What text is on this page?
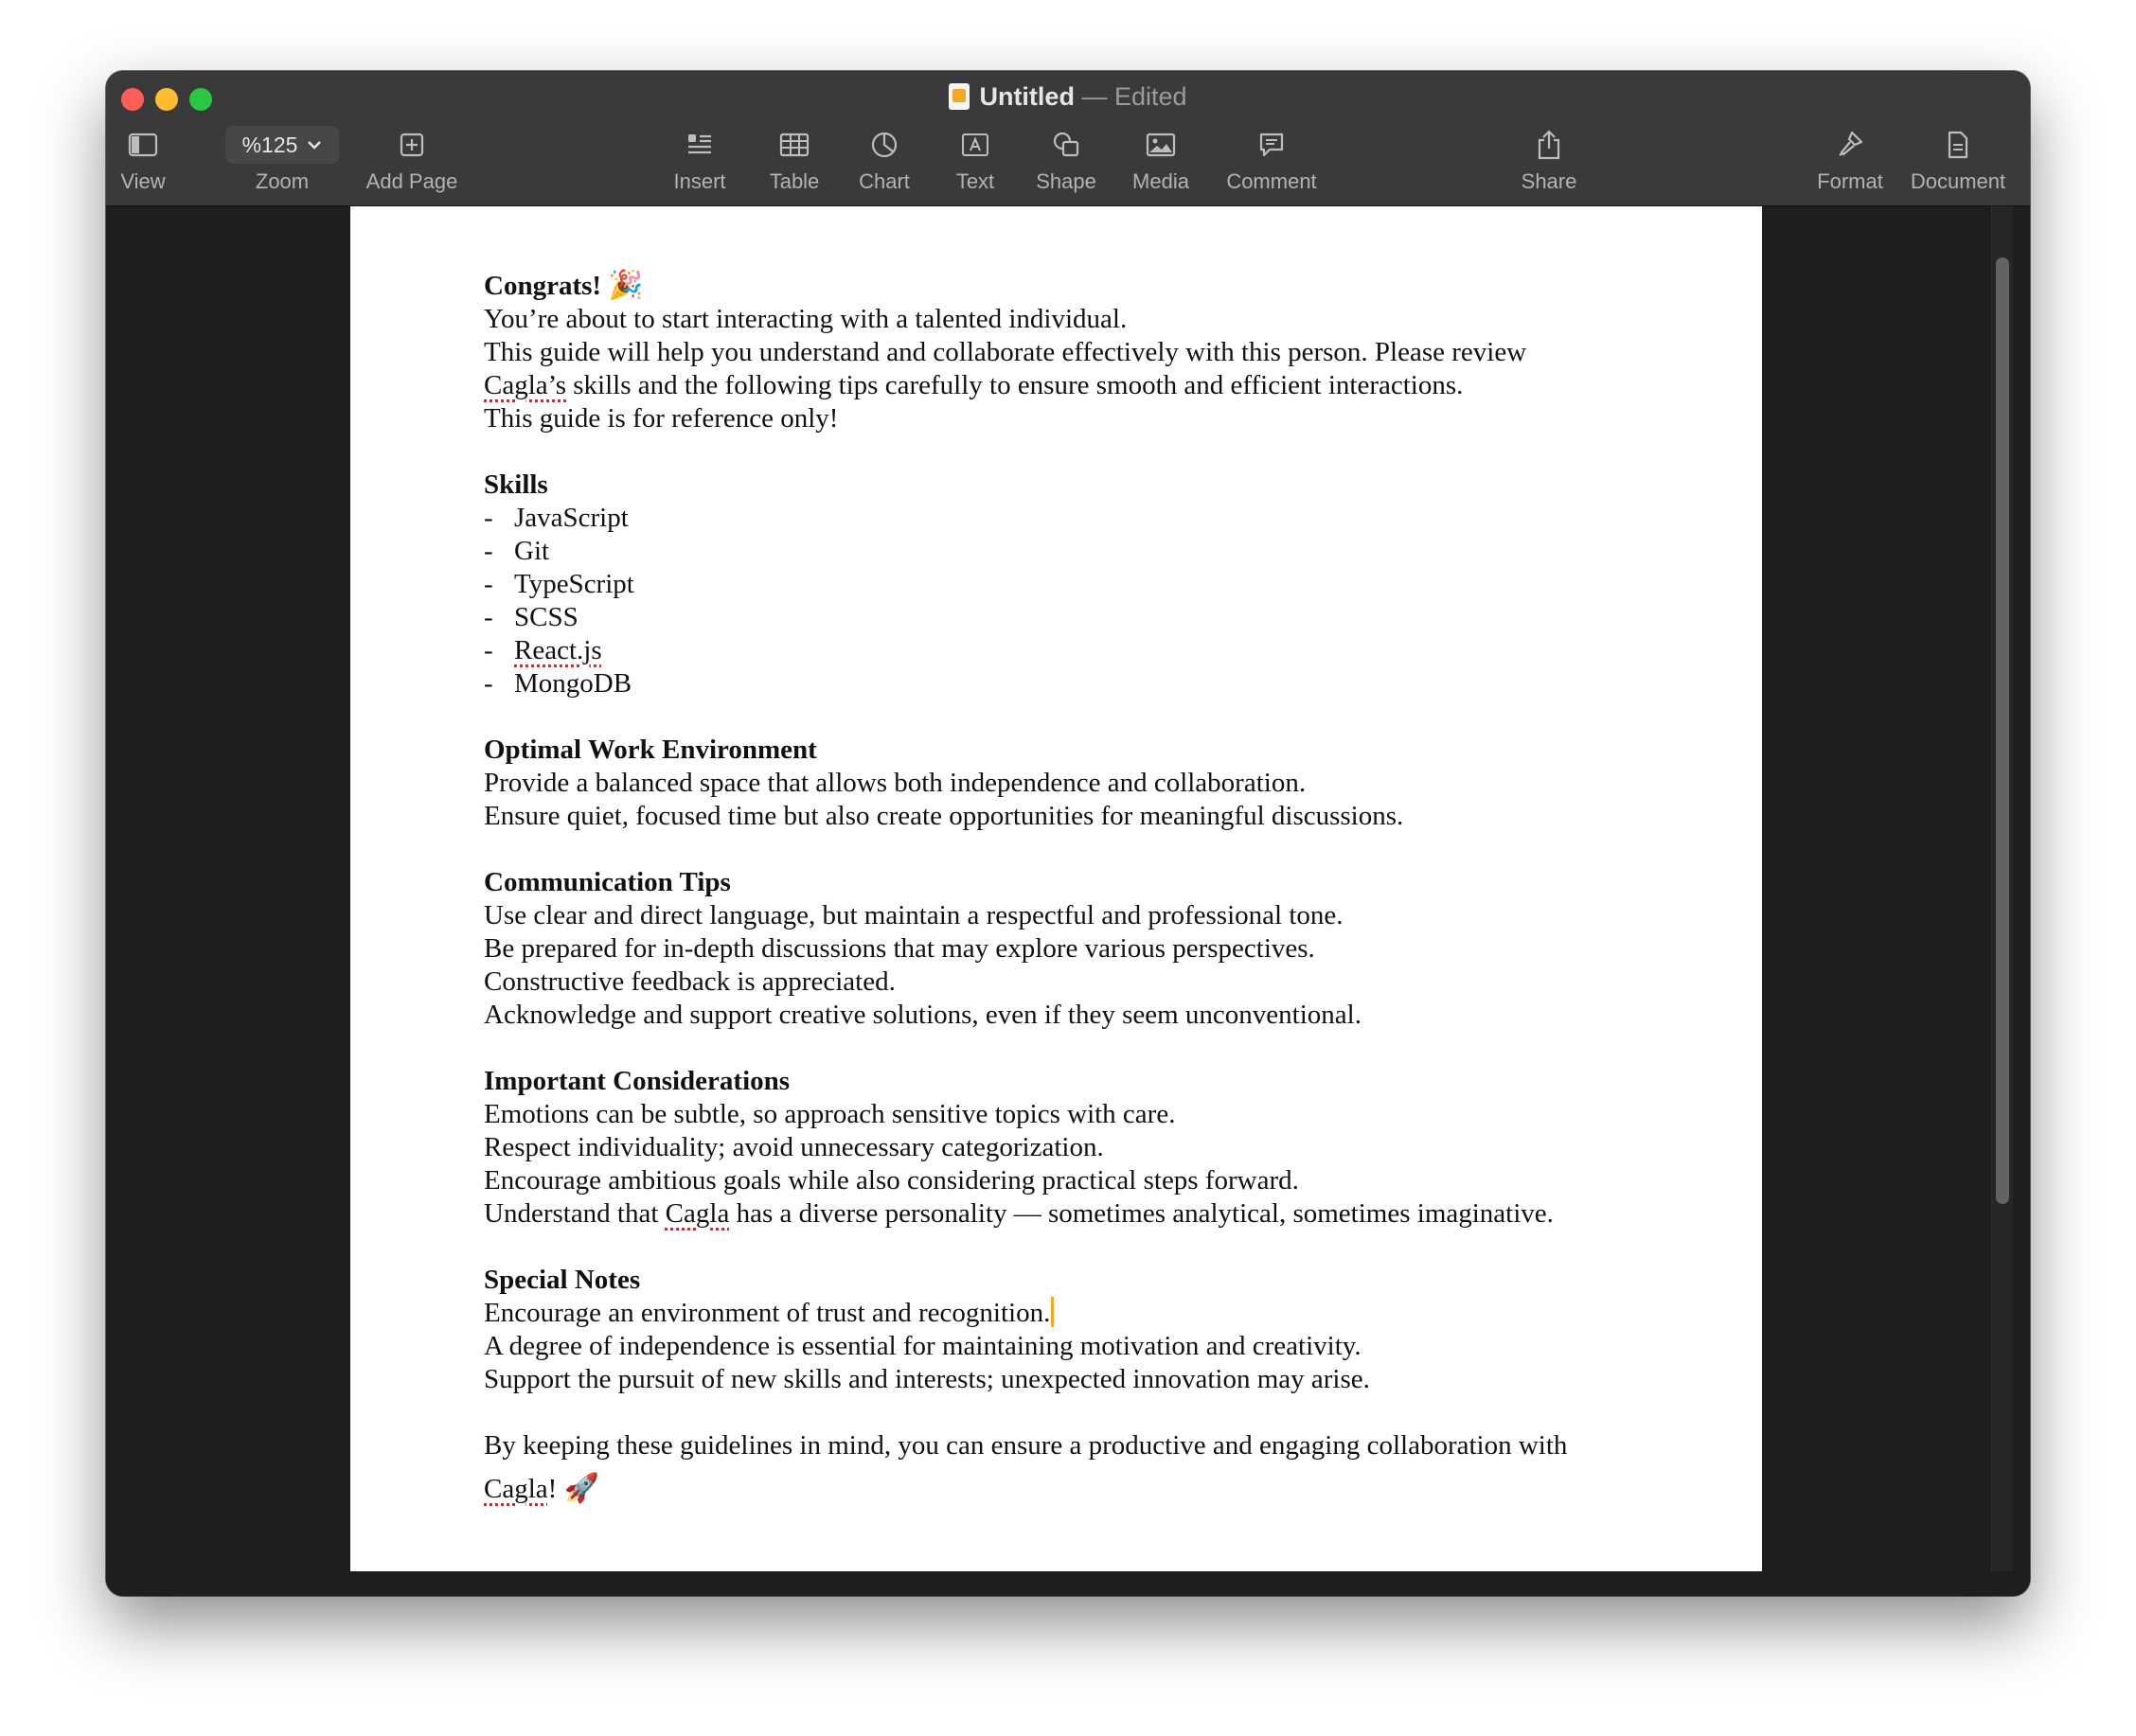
Untitled — Edited
View
%125
Zoom	Add Page	Insert	Table	Chart	Text	Shape	Media	Comment	Share	Format	Document
Congrats! 🎉
You’re about to start interacting with a talented individual.
This guide will help you understand and collaborate effectively with this person. Please review
Cagla’s skills and the following tips carefully to ensure smooth and efficient interactions.
This guide is for reference only!
Skills
- JavaScript
- Git
- TypeScript
- SCSS
- React.js
- MongoDB
Optimal Work Environment
Provide a balanced space that allows both independence and collaboration.
Ensure quiet, focused time but also create opportunities for meaningful discussions.
Communication Tips
Use clear and direct language, but maintain a respectful and professional tone.
Be prepared for in-depth discussions that may explore various perspectives.
Constructive feedback is appreciated.
Acknowledge and support creative solutions, even if they seem unconventional.
Important Considerations
Emotions can be subtle, so approach sensitive topics with care.
Respect individuality; avoid unnecessary categorization.
Encourage ambitious goals while also considering practical steps forward.
Understand that Cagla has a diverse personality — sometimes analytical, sometimes imaginative.
Special Notes
Encourage an environment of trust and recognition.
A degree of independence is essential for maintaining motivation and creativity.
Support the pursuit of new skills and interests; unexpected innovation may arise.
By keeping these guidelines in mind, you can ensure a productive and engaging collaboration with
Cagla! 🚀
